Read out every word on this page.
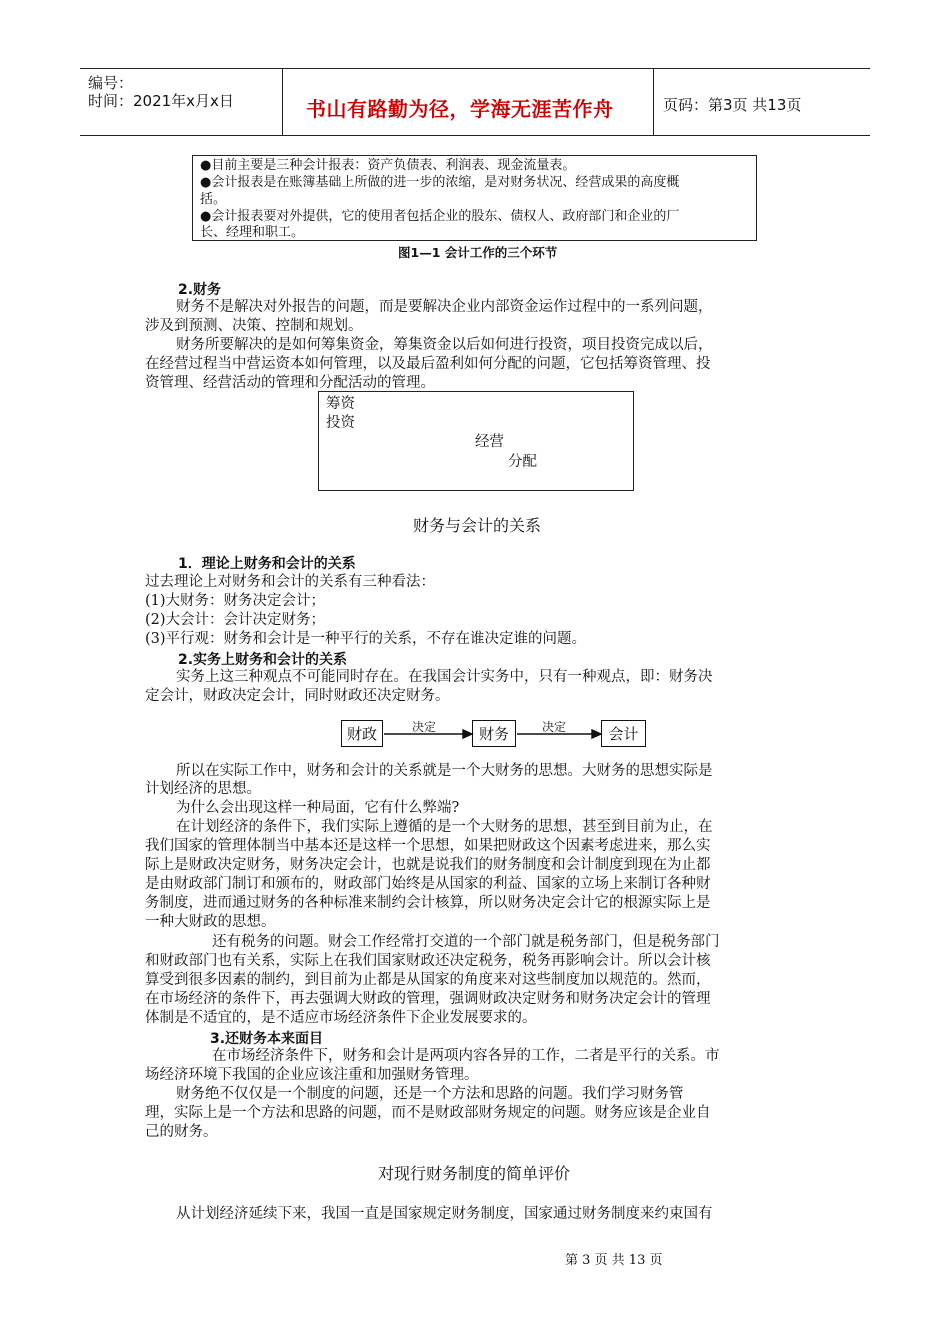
编号：
时间：2021年x月x日	书山有路勤为径，学海无涯苦作舟	页码：第3页 共13页
●目前主要是三种会计报表：资产负债表、利润表、现金流量表。
●会计报表是在账簿基础上所做的进一步的浓缩，是对财务状况、经营成果的高度概
括。
●会计报表要对外提供，它的使用者包括企业的股东、债权人、政府部门和企业的厂
长、经理和职工。
图1—1 会计工作的三个环节
2.财务
财务不是解决对外报告的问题，而是要解决企业内部资金运作过程中的一系列问题，
涉及到预测、决策、控制和规划。
财务所要解决的是如何筹集资金，筹集资金以后如何进行投资，项目投资完成以后，
在经营过程当中营运资本如何管理，以及最后盈利如何分配的问题，它包括筹资管理、投
资管理、经营活动的管理和分配活动的管理。
筹资
投资
经营
分配
财务与会计的关系
1．理论上财务和会计的关系
过去理论上对财务和会计的关系有三种看法：
(1)大财务：财务决定会计；
(2)大会计：会计决定财务；
(3)平行观：财务和会计是一种平行的关系，不存在谁决定谁的问题。
2.实务上财务和会计的关系
实务上这三种观点不可能同时存在。在我国会计实务中，只有一种观点，即：财务决
定会计，财政决定会计，同时财政还决定财务。
财政	财务	会计
决定	决定
所以在实际工作中，财务和会计的关系就是一个大财务的思想。大财务的思想实际是
计划经济的思想。
为什么会出现这样一种局面，它有什么弊端?
在计划经济的条件下，我们实际上遵循的是一个大财务的思想，甚至到目前为止，在
我们国家的管理体制当中基本还是这样一个思想，如果把财政这个因素考虑进来，那么实
际上是财政决定财务，财务决定会计，也就是说我们的财务制度和会计制度到现在为止都
是由财政部门制订和颁布的，财政部门始终是从国家的利益、国家的立场上来制订各种财
务制度，进而通过财务的各种标准来制约会计核算，所以财务决定会计它的根源实际上是
一种大财政的思想。
还有税务的问题。财会工作经常打交道的一个部门就是税务部门，但是税务部门
和财政部门也有关系，实际上在我们国家财政还决定税务，税务再影响会计。所以会计核
算受到很多因素的制约，到目前为止都是从国家的角度来对这些制度加以规范的。然而，
在市场经济的条件下，再去强调大财政的管理，强调财政决定财务和财务决定会计的管理
体制是不适宜的，是不适应市场经济条件下企业发展要求的。
3.还财务本来面目
在市场经济条件下，财务和会计是两项内容各异的工作，二者是平行的关系。市
场经济环境下我国的企业应该注重和加强财务管理。
财务绝不仅仅是一个制度的问题，还是一个方法和思路的问题。我们学习财务管
理，实际上是一个方法和思路的问题，而不是财政部财务规定的问题。财务应该是企业自
己的财务。
对现行财务制度的简单评价
从计划经济延续下来，我国一直是国家规定财务制度，国家通过财务制度来约束国有
第 3 页 共 13 页
